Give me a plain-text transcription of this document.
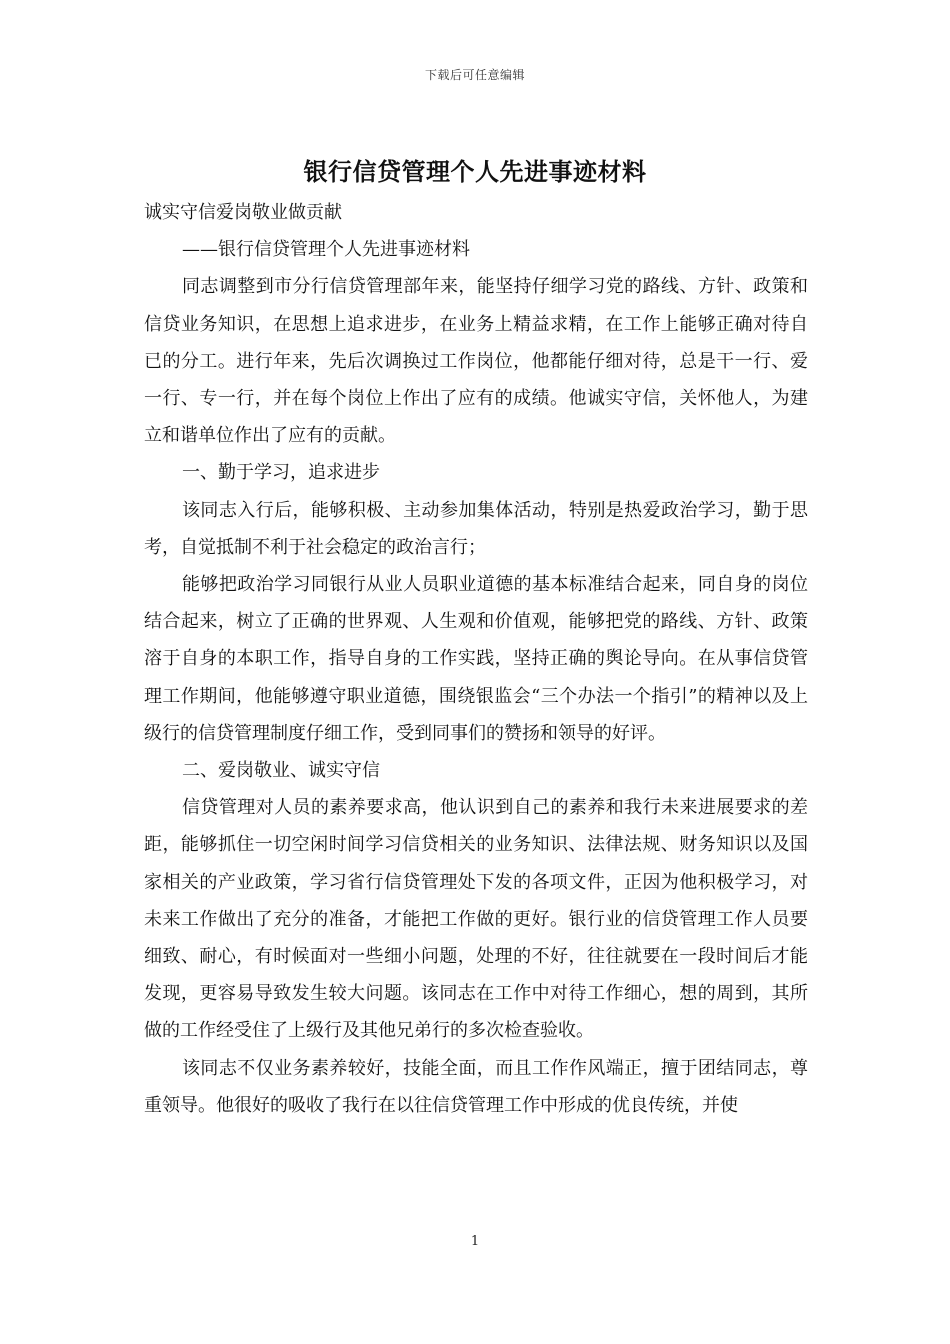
下载后可任意编辑
银行信贷管理个人先进事迹材料

诚实守信爱岗敬业做贡献

——银行信贷管理个人先进事迹材料

同志调整到市分行信贷管理部年来，能坚持仔细学习党的路线、方针、政策和信贷业务知识，在思想上追求进步，在业务上精益求精，在工作上能够正确对待自已的分工。进行年来，先后次调换过工作岗位，他都能仔细对待，总是干一行、爱一行、专一行，并在每个岗位上作出了应有的成绩。他诚实守信，关怀他人，为建立和谐单位作出了应有的贡献。

一、勤于学习，追求进步

该同志入行后，能够积极、主动参加集体活动，特别是热爱政治学习，勤于思考，自觉抵制不利于社会稳定的政治言行；

能够把政治学习同银行从业人员职业道德的基本标准结合起来，同自身的岗位结合起来，树立了正确的世界观、人生观和价值观，能够把党的路线、方针、政策溶于自身的本职工作，指导自身的工作实践，坚持正确的舆论导向。在从事信贷管理工作期间，他能够遵守职业道德，围绕银监会“三个办法一个指引”的精神以及上级行的信贷管理制度仔细工作，受到同事们的赞扬和领导的好评。

二、爱岗敬业、诚实守信

信贷管理对人员的素养要求高，他认识到自己的素养和我行未来进展要求的差距，能够抓住一切空闲时间学习信贷相关的业务知识、法律法规、财务知识以及国家相关的产业政策，学习省行信贷管理处下发的各项文件，正因为他积极学习，对未来工作做出了充分的准备，才能把工作做的更好。银行业的信贷管理工作人员要细致、耐心，有时候面对一些细小问题，处理的不好，往往就要在一段时间后才能发现，更容易导致发生较大问题。该同志在工作中对待工作细心，想的周到，其所做的工作经受住了上级行及其他兄弟行的多次检查验收。

该同志不仅业务素养较好，技能全面，而且工作作风端正，擅于团结同志，尊重领导。他很好的吸收了我行在以往信贷管理工作中形成的优良传统，并使

1
